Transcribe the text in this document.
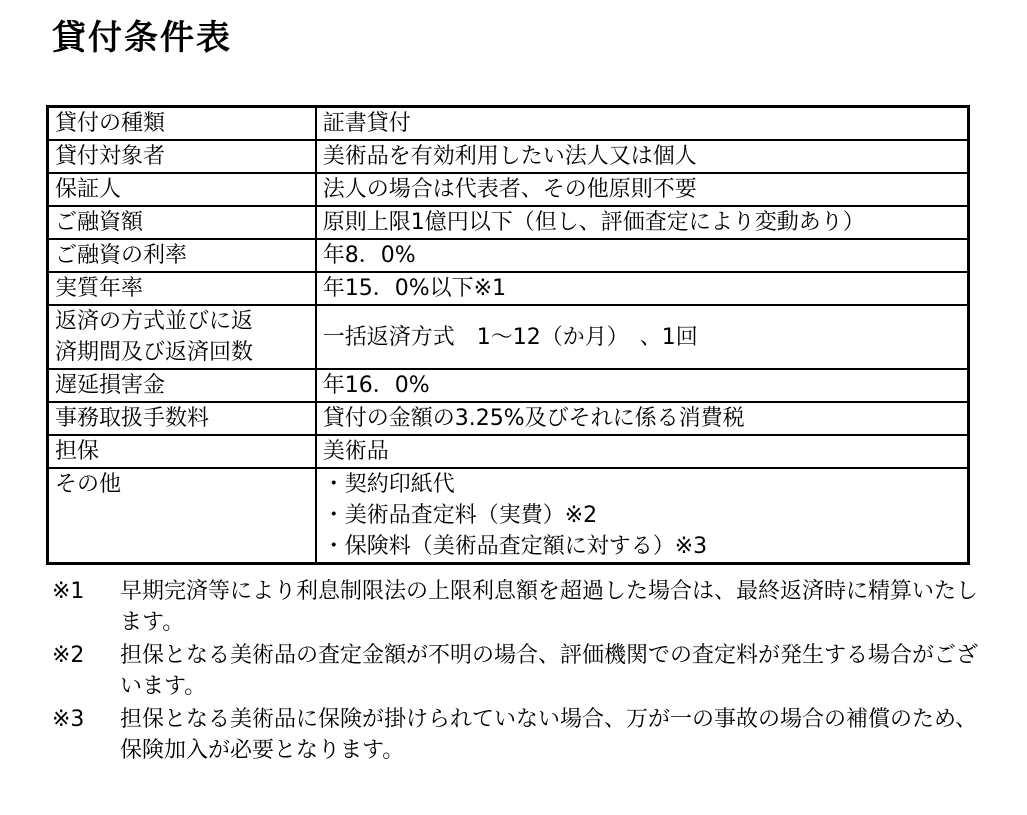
貸付条件表
貸付の種類	証書貸付
貸付対象者	美術品を有効利用したい法人又は個人
保証人	法人の場合は代表者、その他原則不要
ご融資額	原則上限1億円以下（但し、評価査定により変動あり）
ご融資の利率	年8．0%
実質年率	年15．0%以下※1

返済の方式並びに返
済期間及び返済回数	一括返済方式　1～12（か月）　、1回
遅延損害金	年16．0%
事務取扱手数料	貸付の金額の3.25%及びそれに係る消費税
担保	美術品
その他	・契約印紙代
・美術品査定料（実費）※2
・保険料（美術品査定額に対する）※3
※1	早期完済等により利息制限法の上限利息額を超過した場合は、最終返済時に精算いたします。
※2	担保となる美術品の査定金額が不明の場合、評価機関での査定料が発生する場合がございます。
※3	担保となる美術品に保険が掛けられていない場合、万が一の事故の場合の補償のため、保険加入が必要となります。
